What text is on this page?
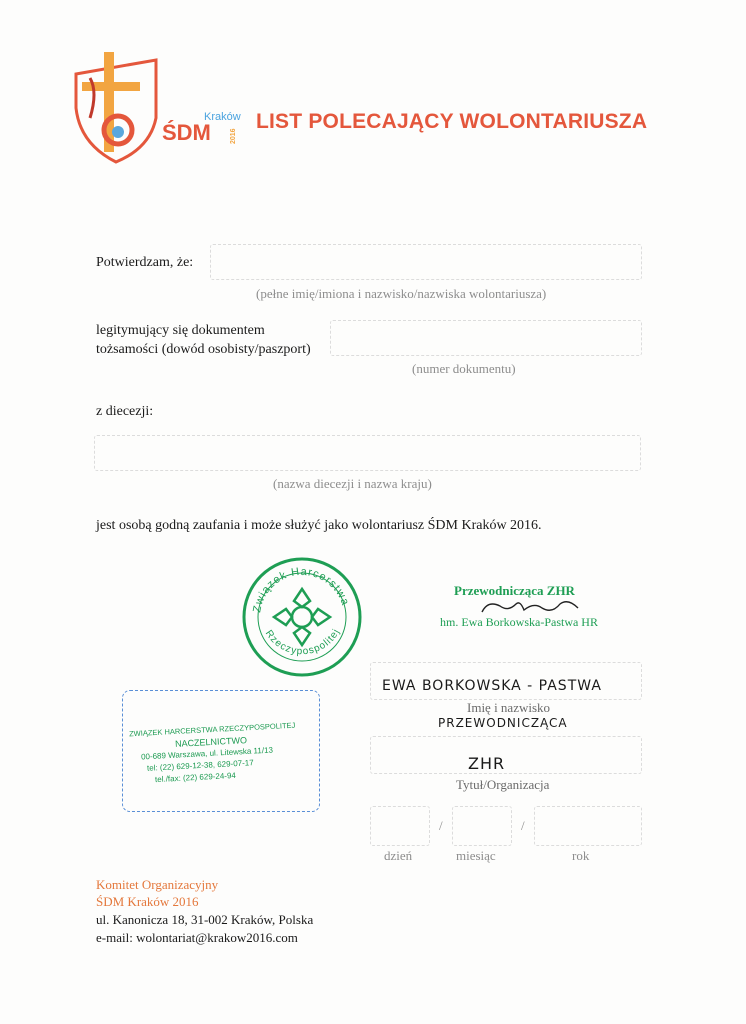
Kraków
ŚDM	2016
LIST POLECAJĄCY WOLONTARIUSZA
Potwierdzam, że:
(pełne imię/imiona i nazwisko/nazwiska wolontariusza)
legitymujący się dokumentem
tożsamości (dowód osobisty/paszport)
(numer dokumentu)
z diecezji:
(nazwa diecezji i nazwa kraju)
jest osobą godną zaufania i może służyć jako wolontariusz ŚDM Kraków 2016.
Związek Harcerstwa
Rzeczypospolitej
Przewodnicząca ZHR
hm. Ewa Borkowska-Pastwa HR
ZWIĄZEK HARCERSTWA RZECZYPOSPOLITEJ
NACZELNICTWO
00-689 Warszawa, ul. Litewska 11/13
tel: (22) 629-12-38, 629-07-17
tel./fax: (22) 629-24-94
EWA BORKOWSKA - PASTWA
Imię i nazwisko
PRZEWODNICZĄCA
ZHR
Tytuł/Organizacja
/	/
dzień	miesiąc	rok
Komitet Organizacyjny
ŚDM Kraków 2016
ul. Kanonicza 18, 31-002 Kraków, Polska
e-mail: wolontariat@krakow2016.com
